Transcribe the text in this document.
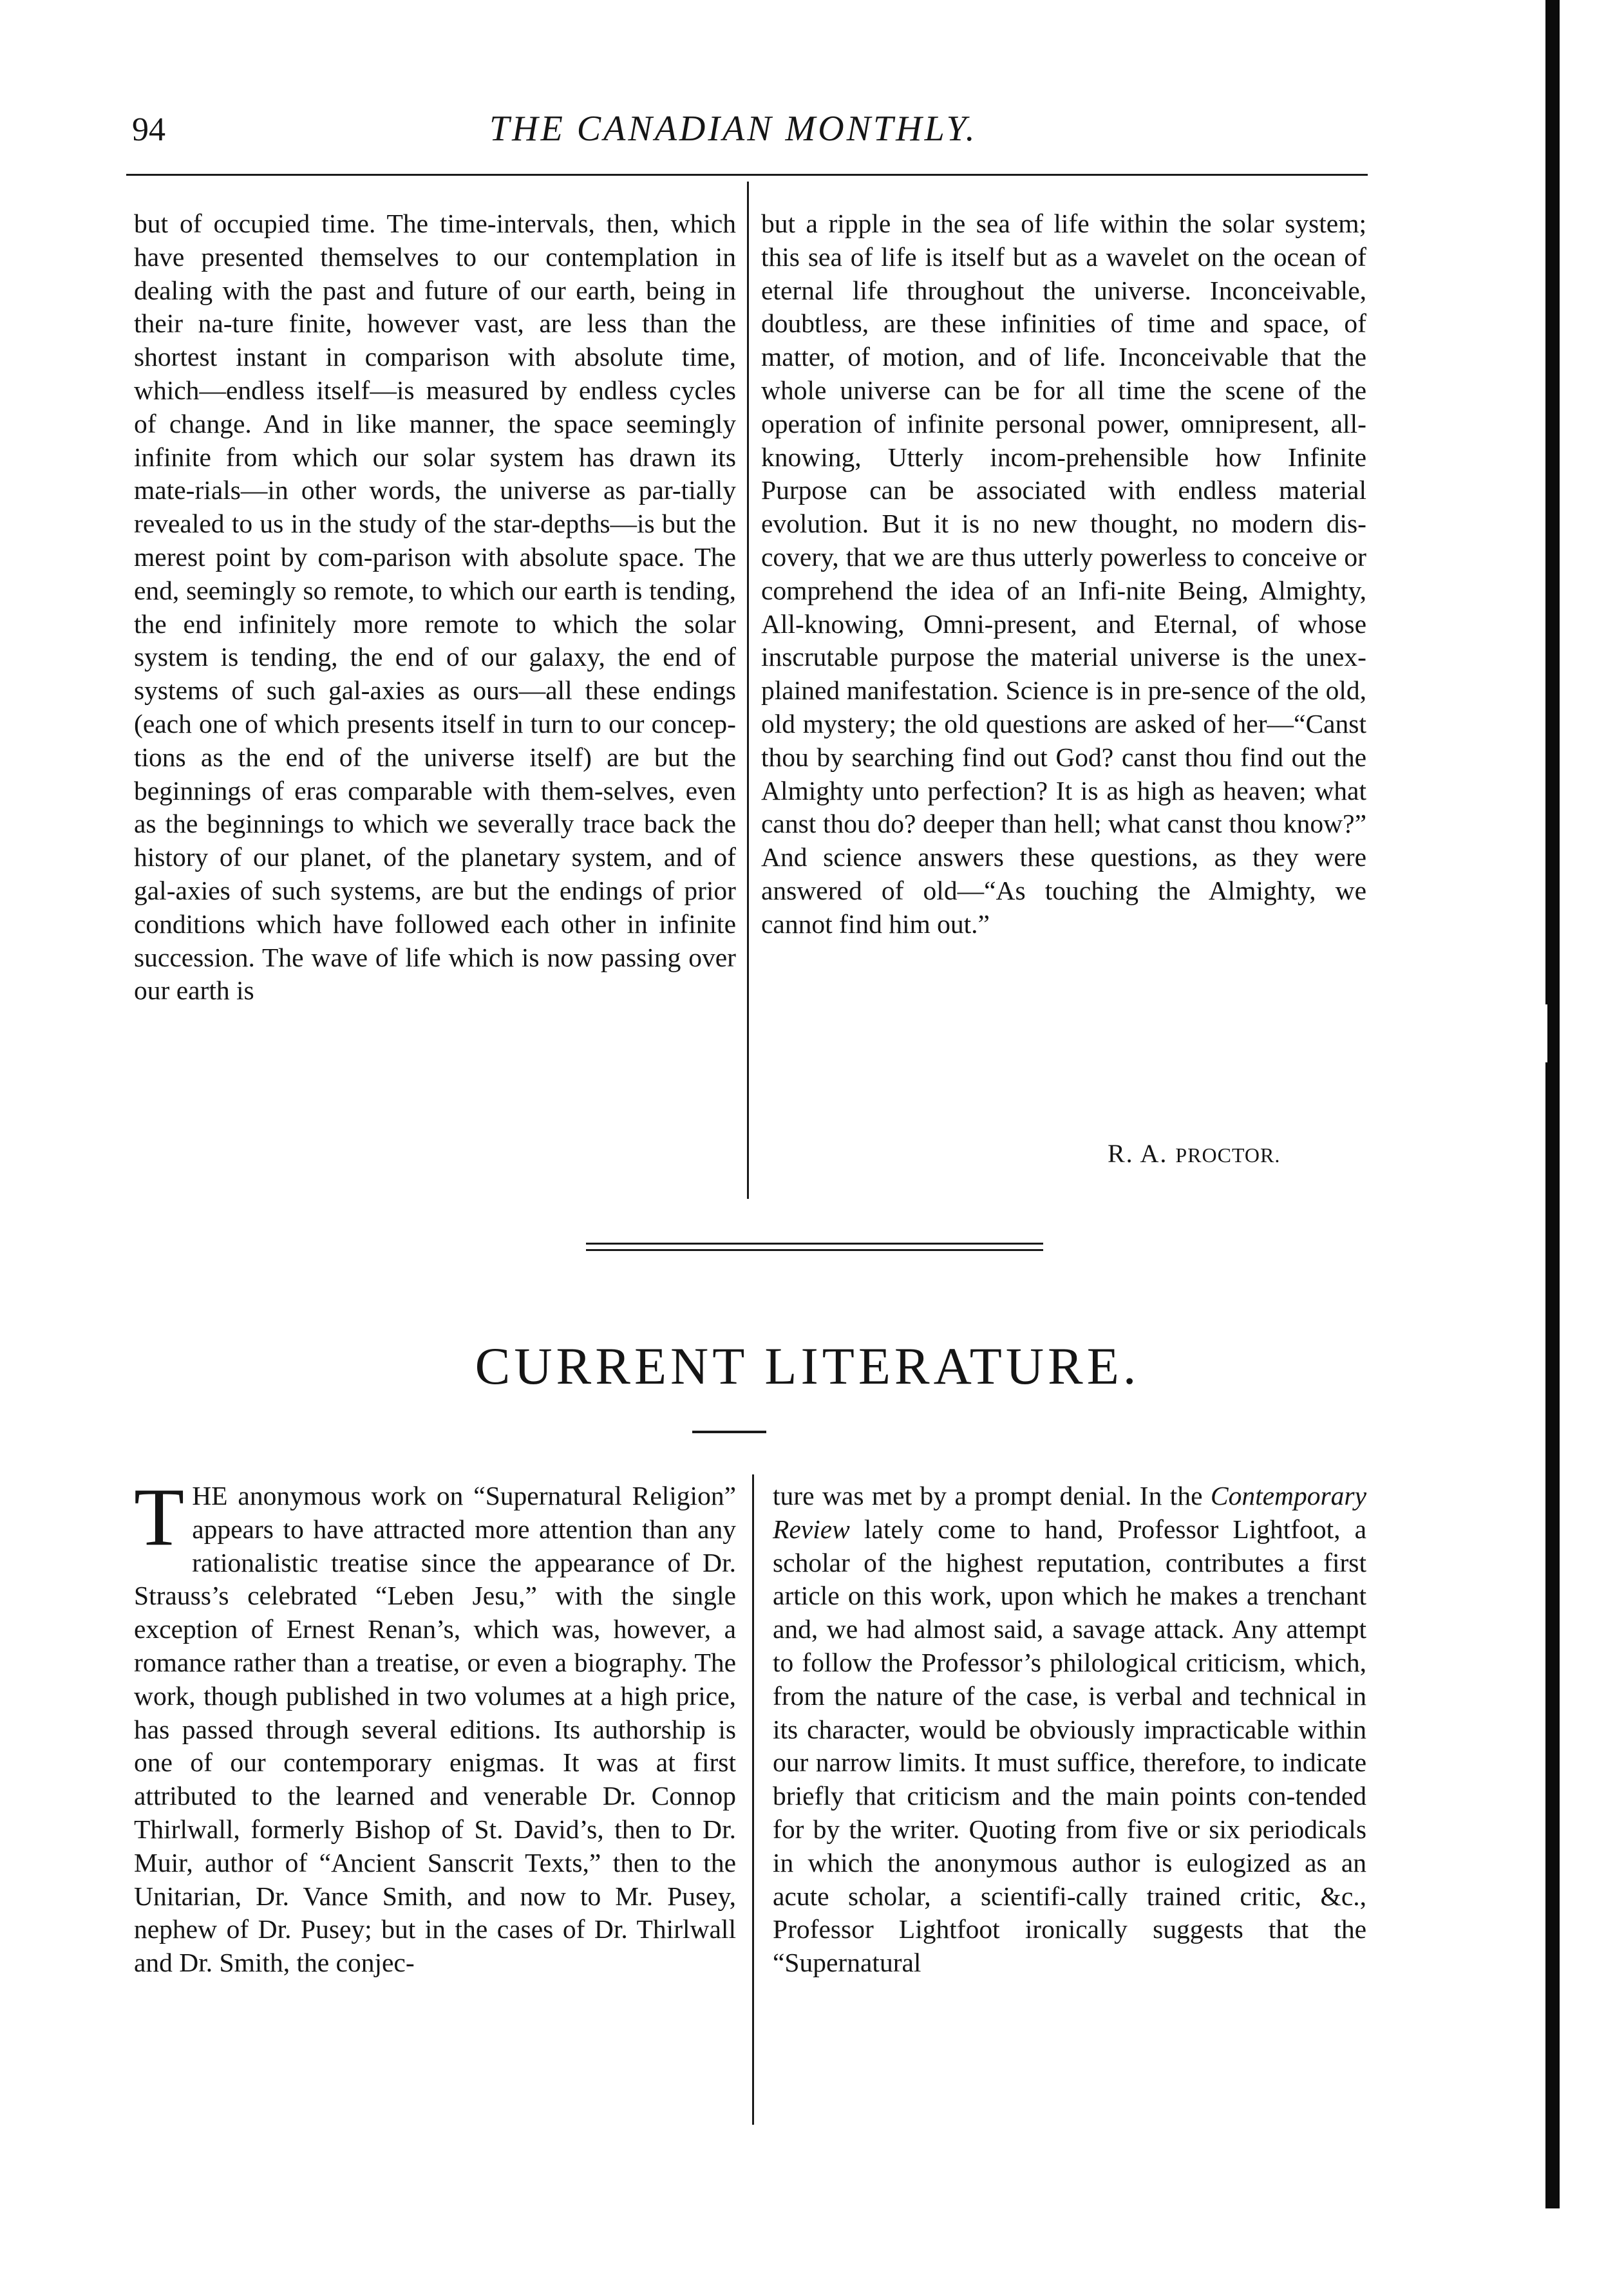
94	THE CANADIAN MONTHLY.

but of occupied time. The time-intervals, then, which have presented themselves to our contemplation in dealing with the past and future of our earth, being in their na-ture finite, however vast, are less than the shortest instant in comparison with absolute time, which—endless itself—is measured by endless cycles of change. And in like manner, the space seemingly infinite from which our solar system has drawn its mate-rials—in other words, the universe as par-tially revealed to us in the study of the star-depths—is but the merest point by com-parison with absolute space. The end, seemingly so remote, to which our earth is tending, the end infinitely more remote to which the solar system is tending, the end of our galaxy, the end of systems of such gal-axies as ours—all these endings (each one of which presents itself in turn to our concep-tions as the end of the universe itself) are but the beginnings of eras comparable with them-selves, even as the beginnings to which we severally trace back the history of our planet, of the planetary system, and of gal-axies of such systems, are but the endings of prior conditions which have followed each other in infinite succession. The wave of life which is now passing over our earth is

but a ripple in the sea of life within the solar system; this sea of life is itself but as a wavelet on the ocean of eternal life throughout the universe. Inconceivable, doubtless, are these infinities of time and space, of matter, of motion, and of life. Inconceivable that the whole universe can be for all time the scene of the operation of infinite personal power, omnipresent, all-knowing, Utterly incom-prehensible how Infinite Purpose can be associated with endless material evolution. But it is no new thought, no modern dis-covery, that we are thus utterly powerless to conceive or comprehend the idea of an Infi-nite Being, Almighty, All-knowing, Omni-present, and Eternal, of whose inscrutable purpose the material universe is the unex-plained manifestation. Science is in pre-sence of the old, old mystery; the old questions are asked of her—“Canst thou by searching find out God? canst thou find out the Almighty unto perfection? It is as high as heaven; what canst thou do? deeper than hell; what canst thou know?” And science answers these questions, as they were answered of old—“As touching the Almighty, we cannot find him out.”

R. A. PROCTOR.
CURRENT LITERATURE.

THE anonymous work on “Supernatural Religion” appears to have attracted more attention than any rationalistic treatise since the appearance of Dr. Strauss’s celebrated “Leben Jesu,” with the single exception of Ernest Renan’s, which was, however, a romance rather than a treatise, or even a biography. The work, though published in two volumes at a high price, has passed through several editions. Its authorship is one of our contemporary enigmas. It was at first attributed to the learned and venerable Dr. Connop Thirlwall, formerly Bishop of St. David’s, then to Dr. Muir, author of “Ancient Sanscrit Texts,” then to the Unitarian, Dr. Vance Smith, and now to Mr. Pusey, nephew of Dr. Pusey; but in the cases of Dr. Thirlwall and Dr. Smith, the conjec-

ture was met by a prompt denial. In the Contemporary Review lately come to hand, Professor Lightfoot, a scholar of the highest reputation, contributes a first article on this work, upon which he makes a trenchant and, we had almost said, a savage attack. Any attempt to follow the Professor’s philological criticism, which, from the nature of the case, is verbal and technical in its character, would be obviously impracticable within our narrow limits. It must suffice, therefore, to indicate briefly that criticism and the main points con-tended for by the writer. Quoting from five or six periodicals in which the anonymous author is eulogized as an acute scholar, a scientifi-cally trained critic, &c., Professor Lightfoot ironically suggests that the “Supernatural
